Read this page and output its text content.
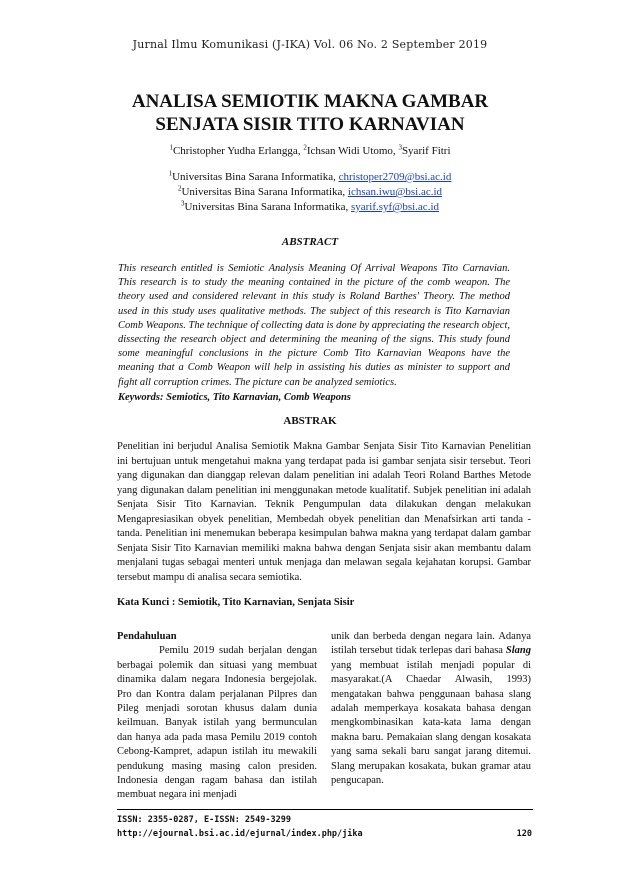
Jurnal Ilmu Komunikasi (J-IKA) Vol. 06 No. 2 September 2019
ANALISA SEMIOTIK MAKNA GAMBAR
SENJATA SISIR TITO KARNAVIAN
$^1$Christopher Yudha Erlangga, $^2$Ichsan Widi Utomo, $^3$Syarif Fitri
$^1$Universitas Bina Sarana Informatika, christoper2709@bsi.ac.id
$^2$Universitas Bina Sarana Informatika, ichsan.iwu@bsi.ac.id
$^3$Universitas Bina Sarana Informatika, syarif.syf@bsi.ac.id
ABSTRACT

This research entitled is Semiotic Analysis Meaning Of Arrival Weapons Tito Carnavian. This research is to study the meaning contained in the picture of the comb weapon. The theory used and considered relevant in this study is Roland Barthes' Theory. The method used in this study uses qualitative methods. The subject of this research is Tito Karnavian Comb Weapons. The technique of collecting data is done by appreciating the research object, dissecting the research object and determining the meaning of the signs. This study found some meaningful conclusions in the picture Comb Tito Karnavian Weapons have the meaning that a Comb Weapon will help in assisting his duties as minister to support and fight all corruption crimes. The picture can be analyzed semiotics.

Keywords: Semiotics, Tito Karnavian, Comb Weapons
ABSTRAK

Penelitian ini berjudul Analisa Semiotik Makna Gambar Senjata Sisir Tito Karnavian Penelitian ini bertujuan untuk mengetahui makna yang terdapat pada isi gambar senjata sisir tersebut. Teori yang digunakan dan dianggap relevan dalam penelitian ini adalah Teori Roland Barthes Metode yang digunakan dalam penelitian ini menggunakan metode kualitatif. Subjek penelitian ini adalah Senjata Sisir Tito Karnavian. Teknik Pengumpulan data dilakukan dengan melakukan Mengapresiasikan obyek penelitian, Membedah obyek penelitian dan Menafsirkan arti tanda - tanda. Penelitian ini menemukan beberapa kesimpulan bahwa makna yang terdapat dalam gambar Senjata Sisir Tito Karnavian memiliki makna bahwa dengan Senjata sisir akan membantu dalam menjalani tugas sebagai menteri untuk menjaga dan melawan segala kejahatan korupsi. Gambar tersebut mampu di analisa secara semiotika.

Kata Kunci : Semiotik, Tito Karnavian, Senjata Sisir

Pendahuluan

Pemilu 2019 sudah berjalan dengan berbagai polemik dan situasi yang membuat dinamika dalam negara Indonesia bergejolak. Pro dan Kontra dalam perjalanan Pilpres dan Pileg menjadi sorotan khusus dalam dunia keilmuan. Banyak istilah yang bermunculan dan hanya ada pada masa Pemilu 2019 contoh Cebong-Kampret, adapun istilah itu mewakili pendukung masing masing calon presiden. Indonesia dengan ragam bahasa dan istilah membuat negara ini menjadi

unik dan berbeda dengan negara lain. Adanya istilah tersebut tidak terlepas dari bahasa Slang yang membuat istilah menjadi popular di masyarakat.(A Chaedar Alwasih, 1993) mengatakan bahwa penggunaan bahasa slang adalah memperkaya kosakata bahasa dengan mengkombinasikan kata-kata lama dengan makna baru. Pemakaian slang dengan kosakata yang sama sekali baru sangat jarang ditemui. Slang merupakan kosakata, bukan gramar atau pengucapan.

ISSN: 2355-0287, E-ISSN: 2549-3299
http://ejournal.bsi.ac.id/ejurnal/index.php/jika	120
